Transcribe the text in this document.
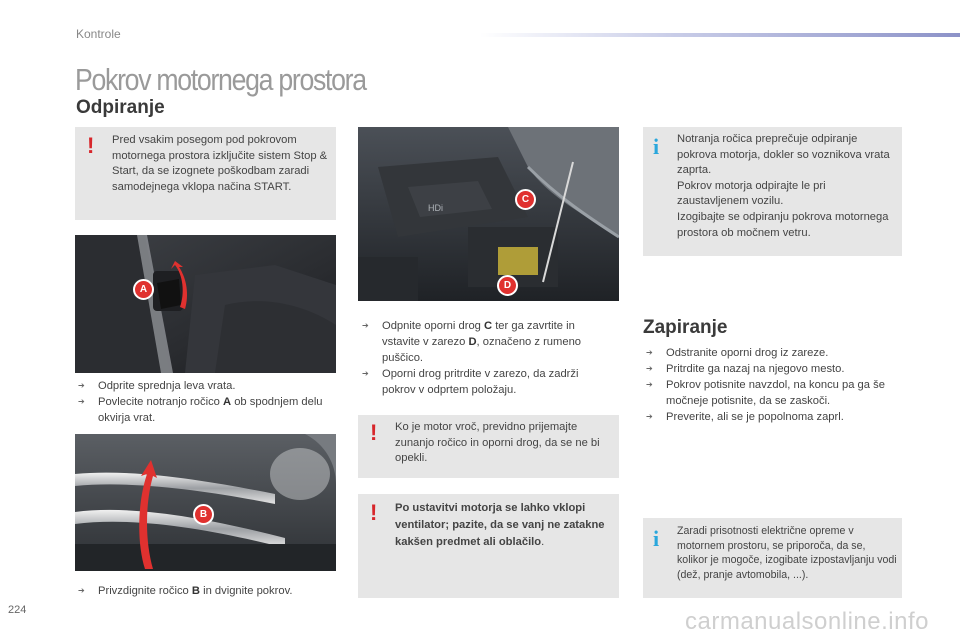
Kontrole
Pokrov motornega prostora
Odpiranje
! Pred vsakim posegom pod pokrovom motornega prostora izključite sistem Stop & Start, da se izognete poškodbam zaradi samodejnega vklopa načina START.
A
➔ Odprite sprednja leva vrata.
➔ Povlecite notranjo ročico A ob spodnjem delu okvirja vrat.
B
➔ Privzdignite ročico B in dvignite pokrov.
HDi
C
D
➔ Odpnite oporni drog C ter ga zavrtite in vstavite v zarezo D, označeno z rumeno puščico.
➔ Oporni drog pritrdite v zarezo, da zadrži pokrov v odprtem položaju.
! Ko je motor vroč, previdno prijemajte zunanjo ročico in oporni drog, da se ne bi opekli.
! Po ustavitvi motorja se lahko vklopi ventilator; pazite, da se vanj ne zatakne kakšen predmet ali oblačilo.
i Notranja ročica preprečuje odpiranje pokrova motorja, dokler so voznikova vrata zaprta.
Pokrov motorja odpirajte le pri zaustavljenem vozilu.
Izogibajte se odpiranju pokrova motornega prostora ob močnem vetru.
Zapiranje
➔ Odstranite oporni drog iz zareze.
➔ Pritrdite ga nazaj na njegovo mesto.
➔ Pokrov potisnite navzdol, na koncu pa ga še močneje potisnite, da se zaskoči.
➔ Preverite, ali se je popolnoma zaprl.
i Zaradi prisotnosti električne opreme v motornem prostoru, se priporoča, da se, kolikor je mogoče, izogibate izpostavljanju vodi (dež, pranje avtomobila, ...).
224	carmanualsonline.info
